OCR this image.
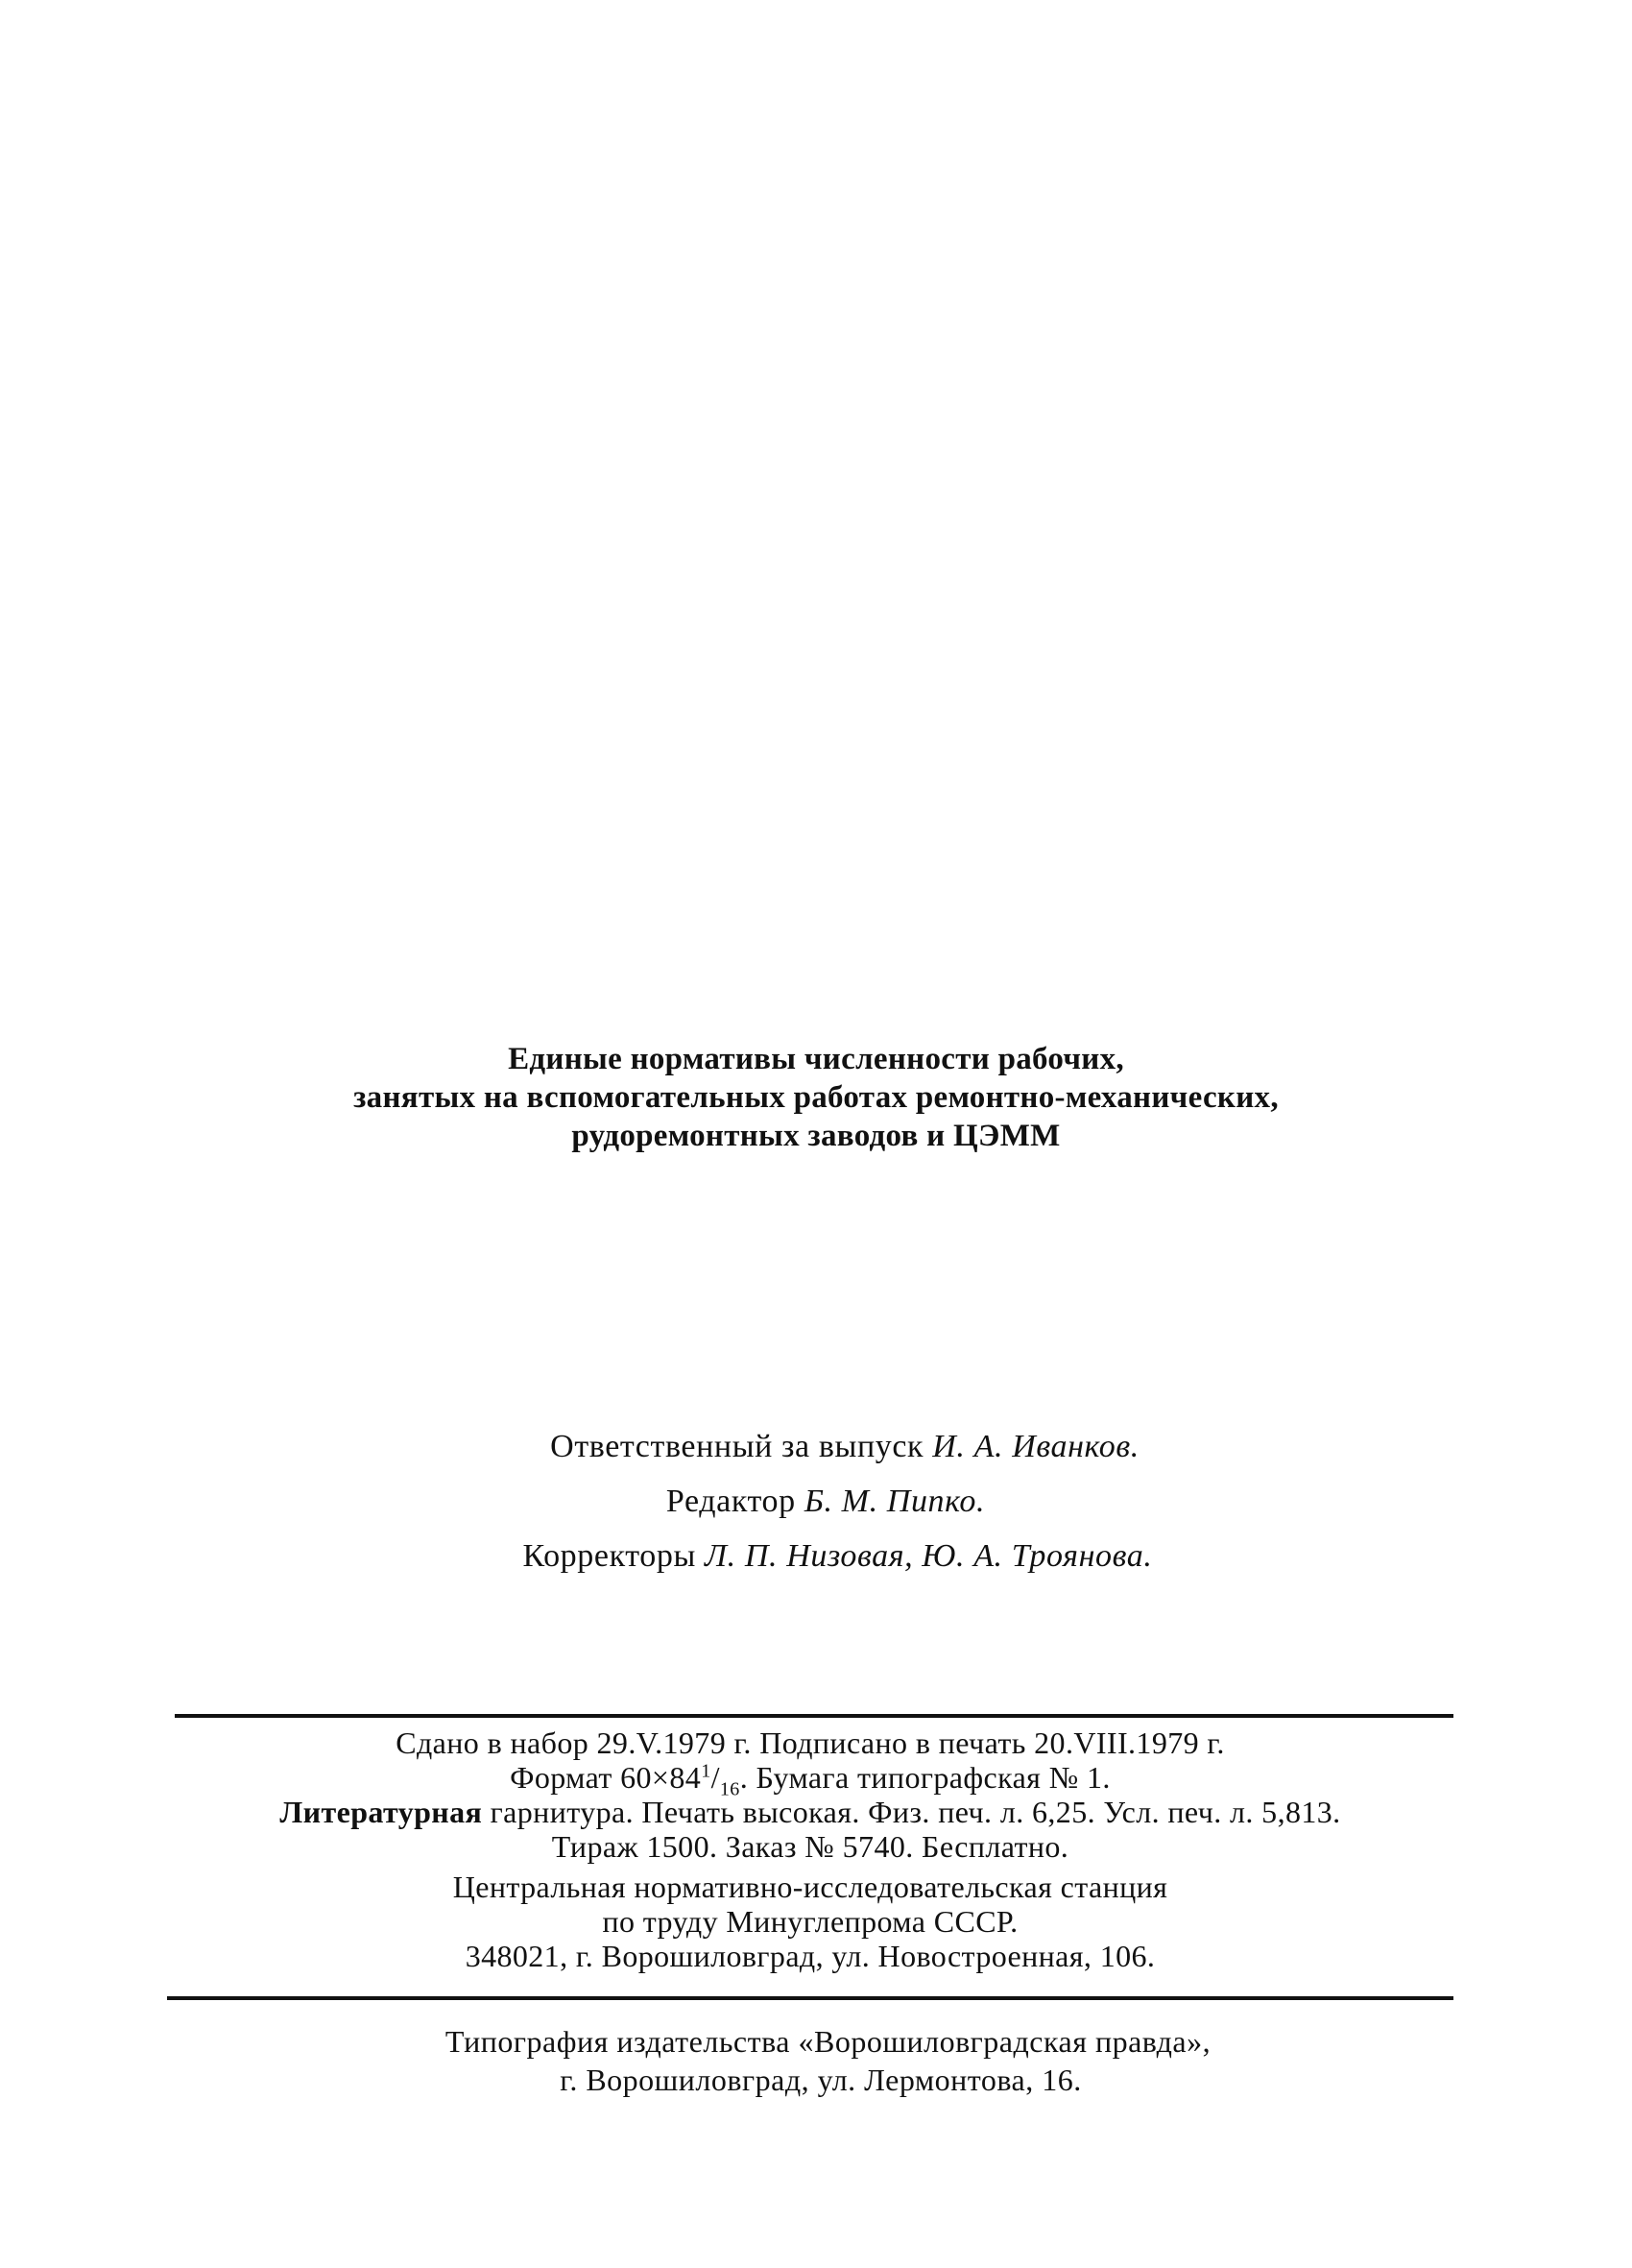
Единые нормативы численности рабочих,
занятых на вспомогательных работах ремонтно-механических,
рудоремонтных заводов и ЦЭММ
Ответственный за выпуск И. А. Иванков.
Редактор Б. М. Пипко.
Корректоры Л. П. Низовая, Ю. А. Троянова.
Сдано в набор 29.V.1979 г. Подписано в печать 20.VIII.1979 г.
Формат $60\times 84^1/_{16}$. Бумага типографская № 1.
Литературная гарнитура. Печать высокая. Физ. печ. л. 6,25. Усл. печ. л. 5,813.
Тираж 1500. Заказ № 5740. Бесплатно.
Центральная нормативно-исследовательская станция
по труду Минуглепрома СССР.
348021, г. Ворошиловград, ул. Новостроенная, 106.
Типография издательства «Ворошиловградская правда»,
г. Ворошиловград, ул. Лермонтова, 16.
